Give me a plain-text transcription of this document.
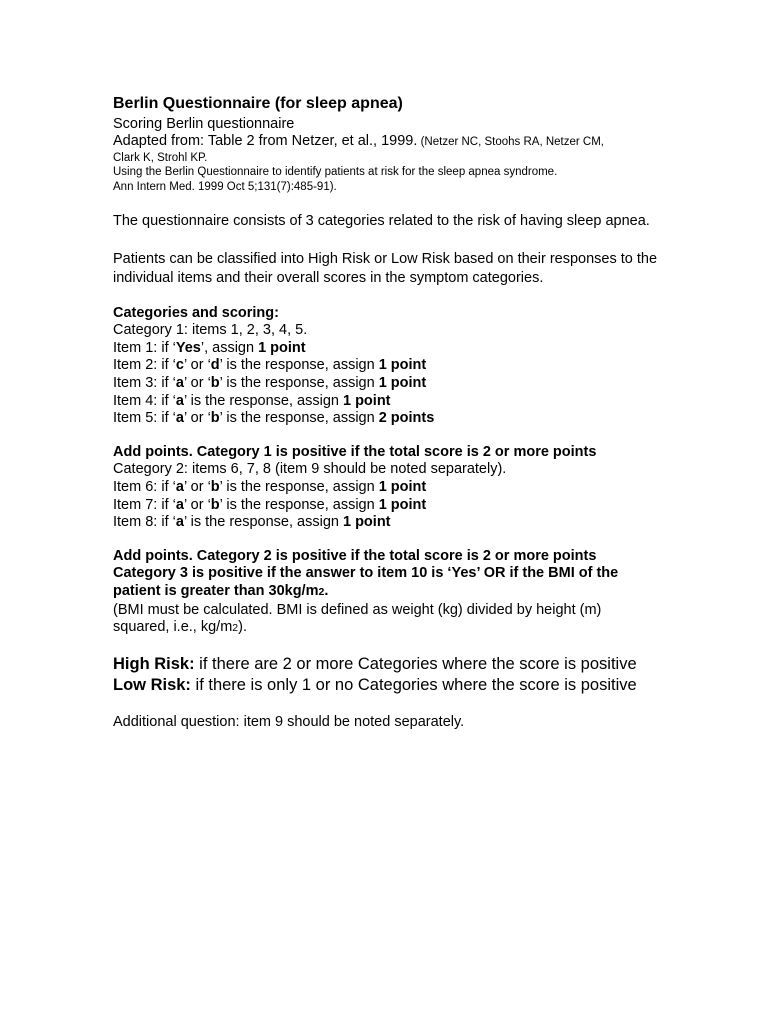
Berlin Questionnaire (for sleep apnea)
Scoring Berlin questionnaire
Adapted from: Table 2 from Netzer, et al., 1999. (Netzer NC, Stoohs RA, Netzer CM,
Clark K, Strohl KP.
Using the Berlin Questionnaire to identify patients at risk for the sleep apnea syndrome.
Ann Intern Med. 1999 Oct 5;131(7):485-91).
The questionnaire consists of 3 categories related to the risk of having sleep apnea.
Patients can be classified into High Risk or Low Risk based on their responses to the individual items and their overall scores in the symptom categories.
Categories and scoring:
Category 1: items 1, 2, 3, 4, 5.
Item 1: if ‘Yes’, assign 1 point
Item 2: if ‘c’ or ‘d’ is the response, assign 1 point
Item 3: if ‘a’ or ‘b’ is the response, assign 1 point
Item 4: if ‘a’ is the response, assign 1 point
Item 5: if ‘a’ or ‘b’ is the response, assign 2 points
Add points. Category 1 is positive if the total score is 2 or more points
Category 2: items 6, 7, 8 (item 9 should be noted separately).
Item 6: if ‘a’ or ‘b’ is the response, assign 1 point
Item 7: if ‘a’ or ‘b’ is the response, assign 1 point
Item 8: if ‘a’ is the response, assign 1 point
Add points. Category 2 is positive if the total score is 2 or more points
Category 3 is positive if the answer to item 10 is ‘Yes’ OR if the BMI of the
patient is greater than 30kg/m2.
(BMI must be calculated. BMI is defined as weight (kg) divided by height (m)
squared, i.e., kg/m2).
High Risk: if there are 2 or more Categories where the score is positive
Low Risk: if there is only 1 or no Categories where the score is positive
Additional question: item 9 should be noted separately.
